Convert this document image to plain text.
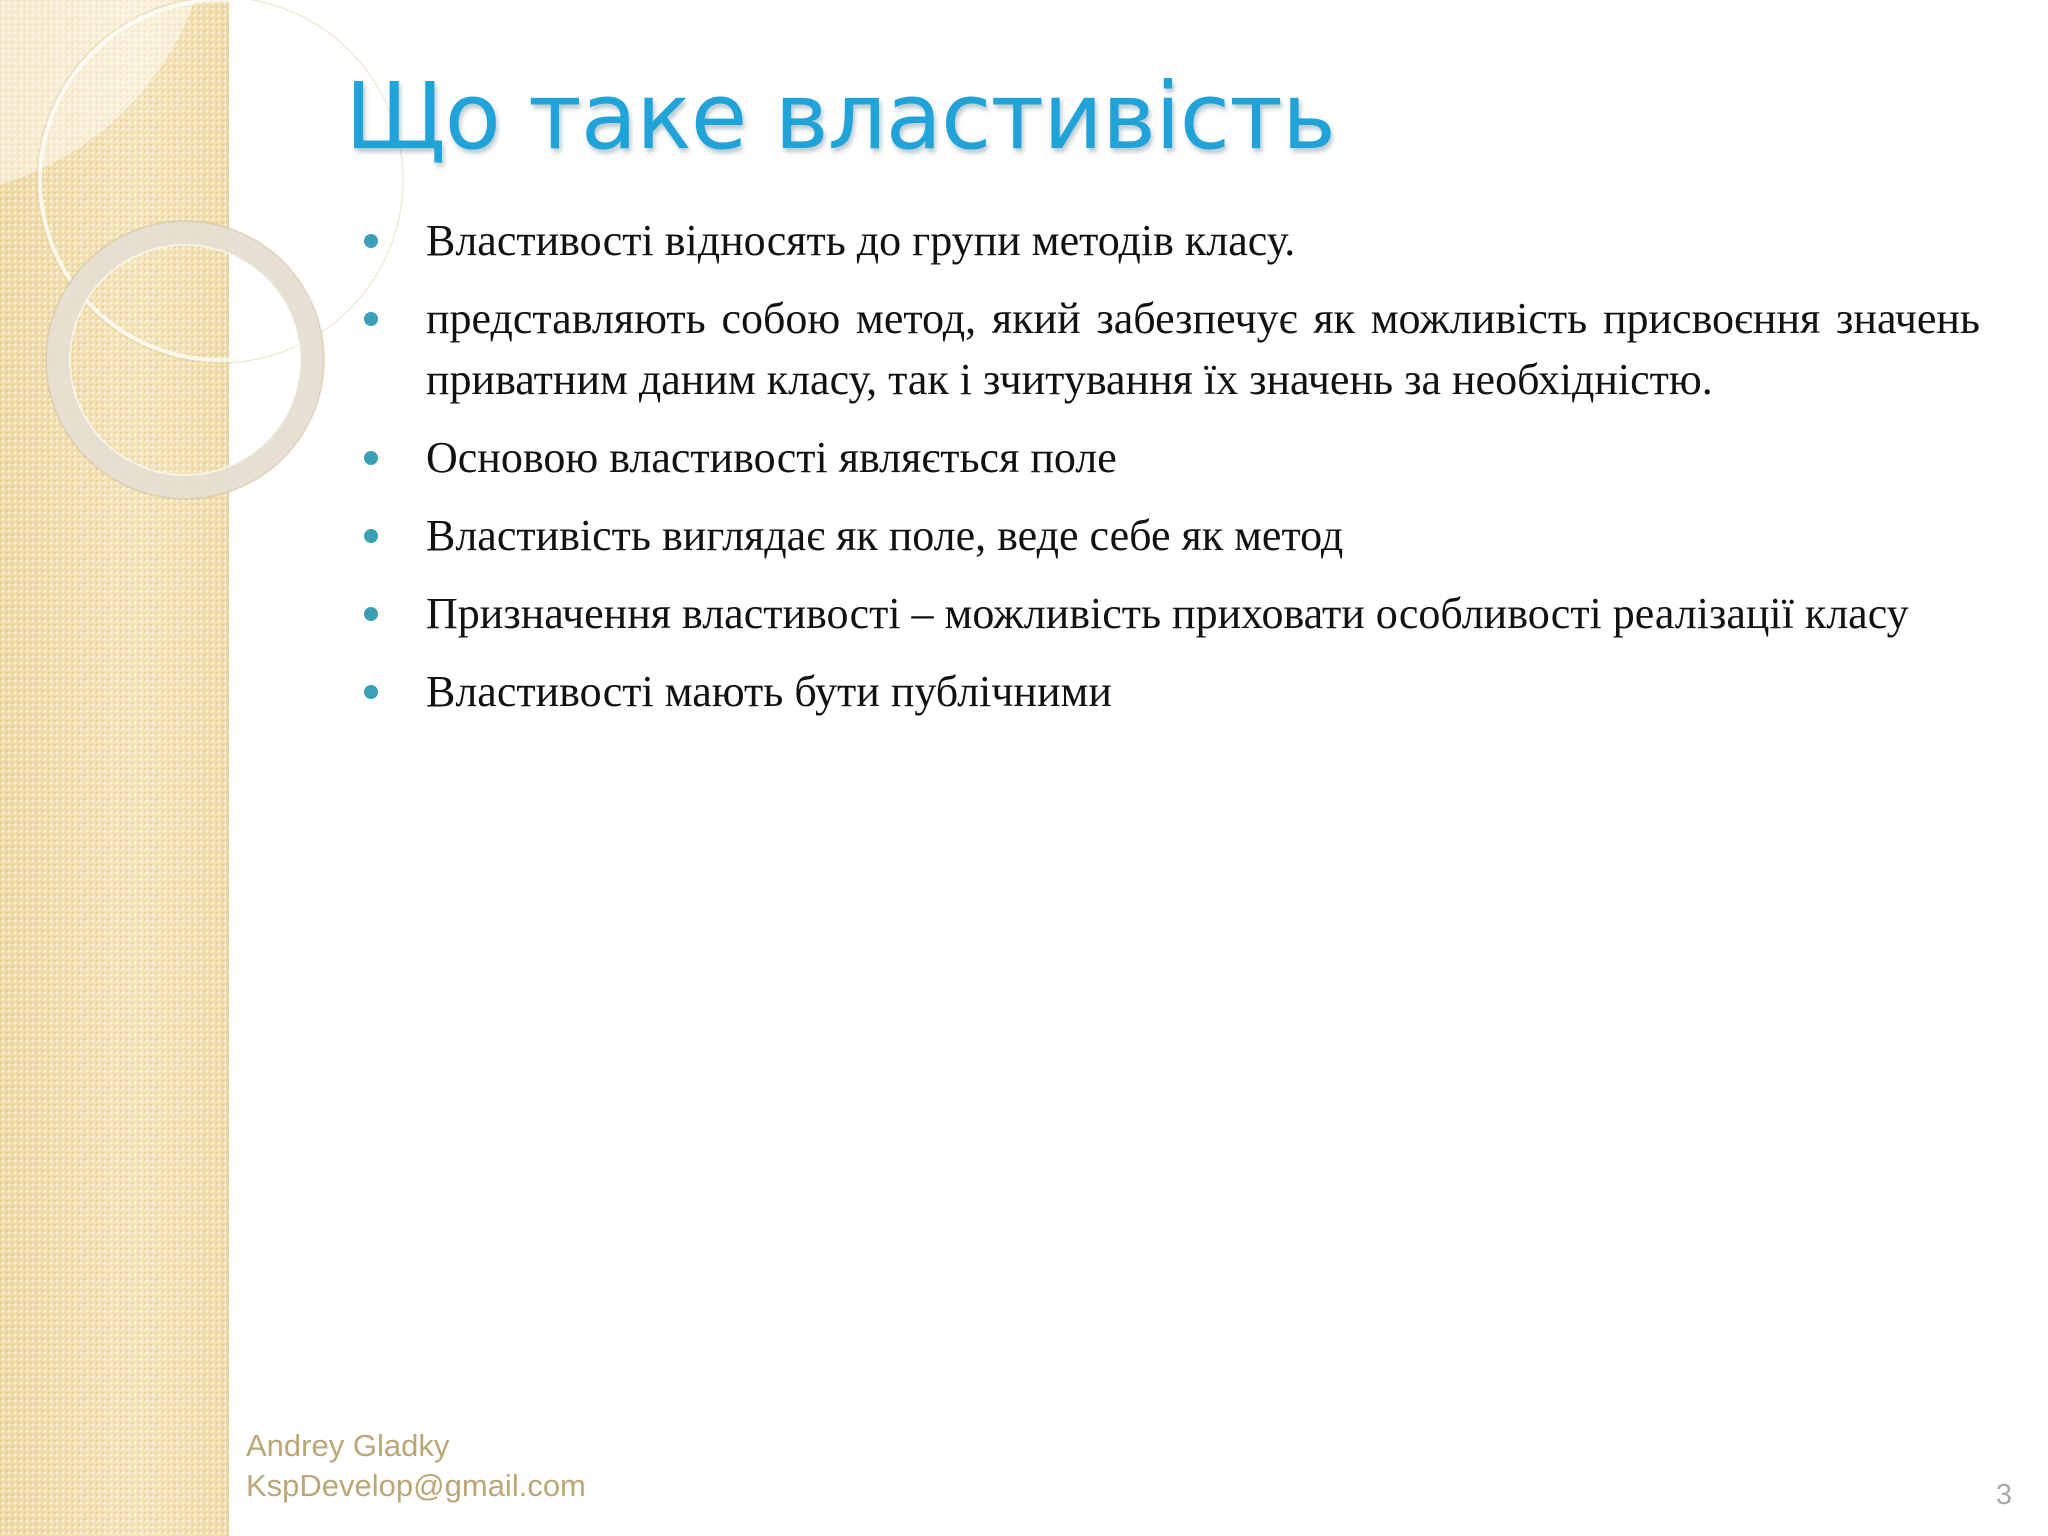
Що таке властивість
Властивості відносять до групи методів класу.
представляють собою метод, який забезпечує як можливість присвоєння значень приватним даним класу, так і зчитування їх значень за необхідністю.
Основою властивості являється поле
Властивість виглядає як поле, веде себе як метод
Призначення властивості – можливість приховати особливості реалізації класу
Властивості мають бути публічними
Andrey Gladky
KspDevelop@gmail.com	3
